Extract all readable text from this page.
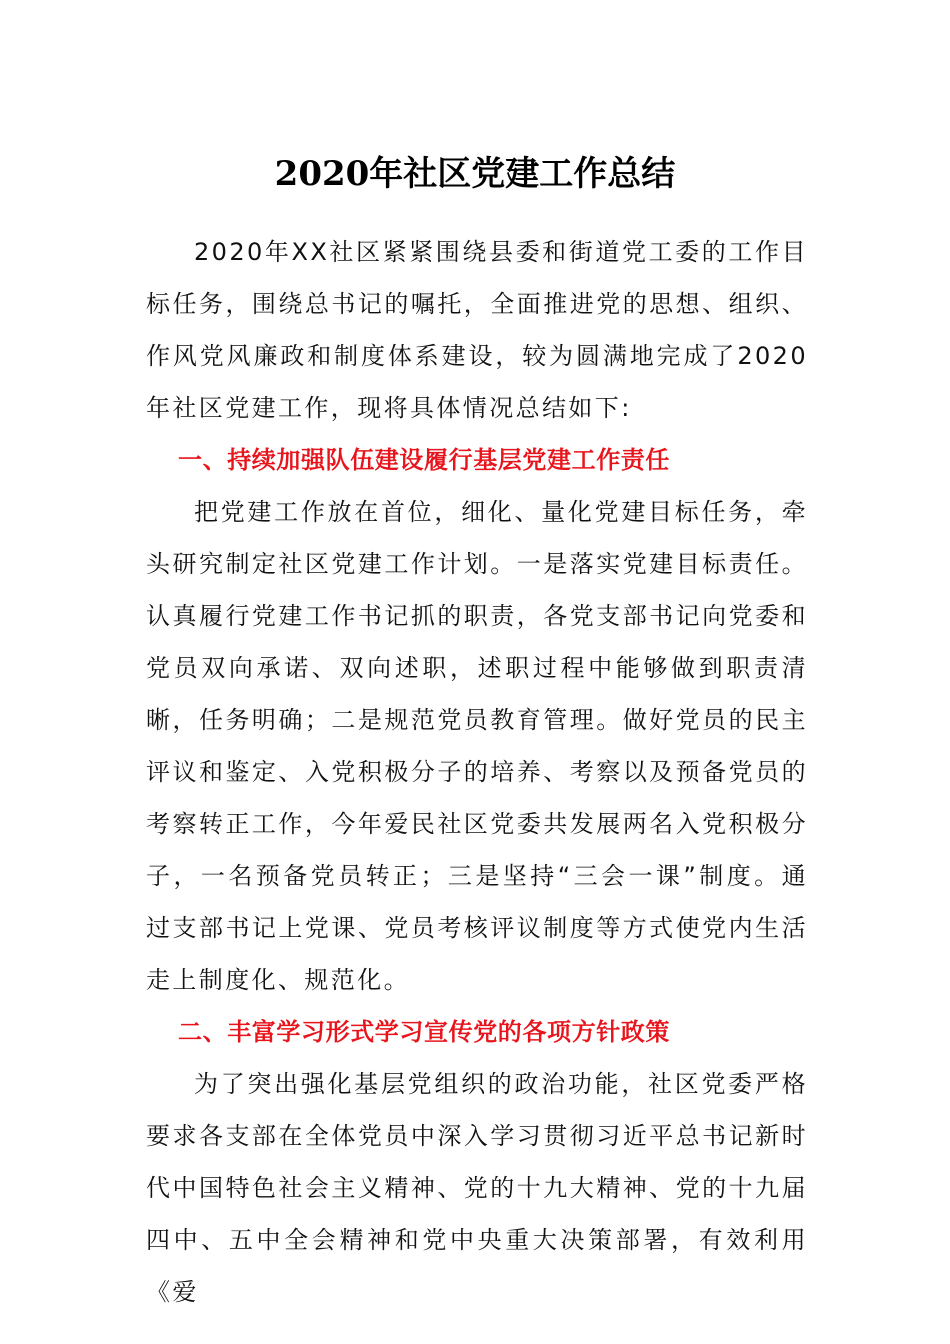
2020年社区党建工作总结

2020年XX社区紧紧围绕县委和街道党工委的工作目标任务，围绕总书记的嘱托，全面推进党的思想、组织、作风党风廉政和制度体系建设，较为圆满地完成了2020年社区党建工作，现将具体情况总结如下:

一、持续加强队伍建设履行基层党建工作责任

把党建工作放在首位，细化、量化党建目标任务，牵头研究制定社区党建工作计划。一是落实党建目标责任。认真履行党建工作书记抓的职责，各党支部书记向党委和党员双向承诺、双向述职，述职过程中能够做到职责清晰，任务明确；二是规范党员教育管理。做好党员的民主评议和鉴定、入党积极分子的培养、考察以及预备党员的考察转正工作，今年爱民社区党委共发展两名入党积极分子，一名预备党员转正；三是坚持“三会一课”制度。通过支部书记上党课、党员考核评议制度等方式使党内生活走上制度化、规范化。

二、丰富学习形式学习宣传党的各项方针政策

为了突出强化基层党组织的政治功能，社区党委严格要求各支部在全体党员中深入学习贯彻习近平总书记新时代中国特色社会主义精神、党的十九大精神、党的十九届四中、五中全会精神和党中央重大决策部署，有效利用《爱
